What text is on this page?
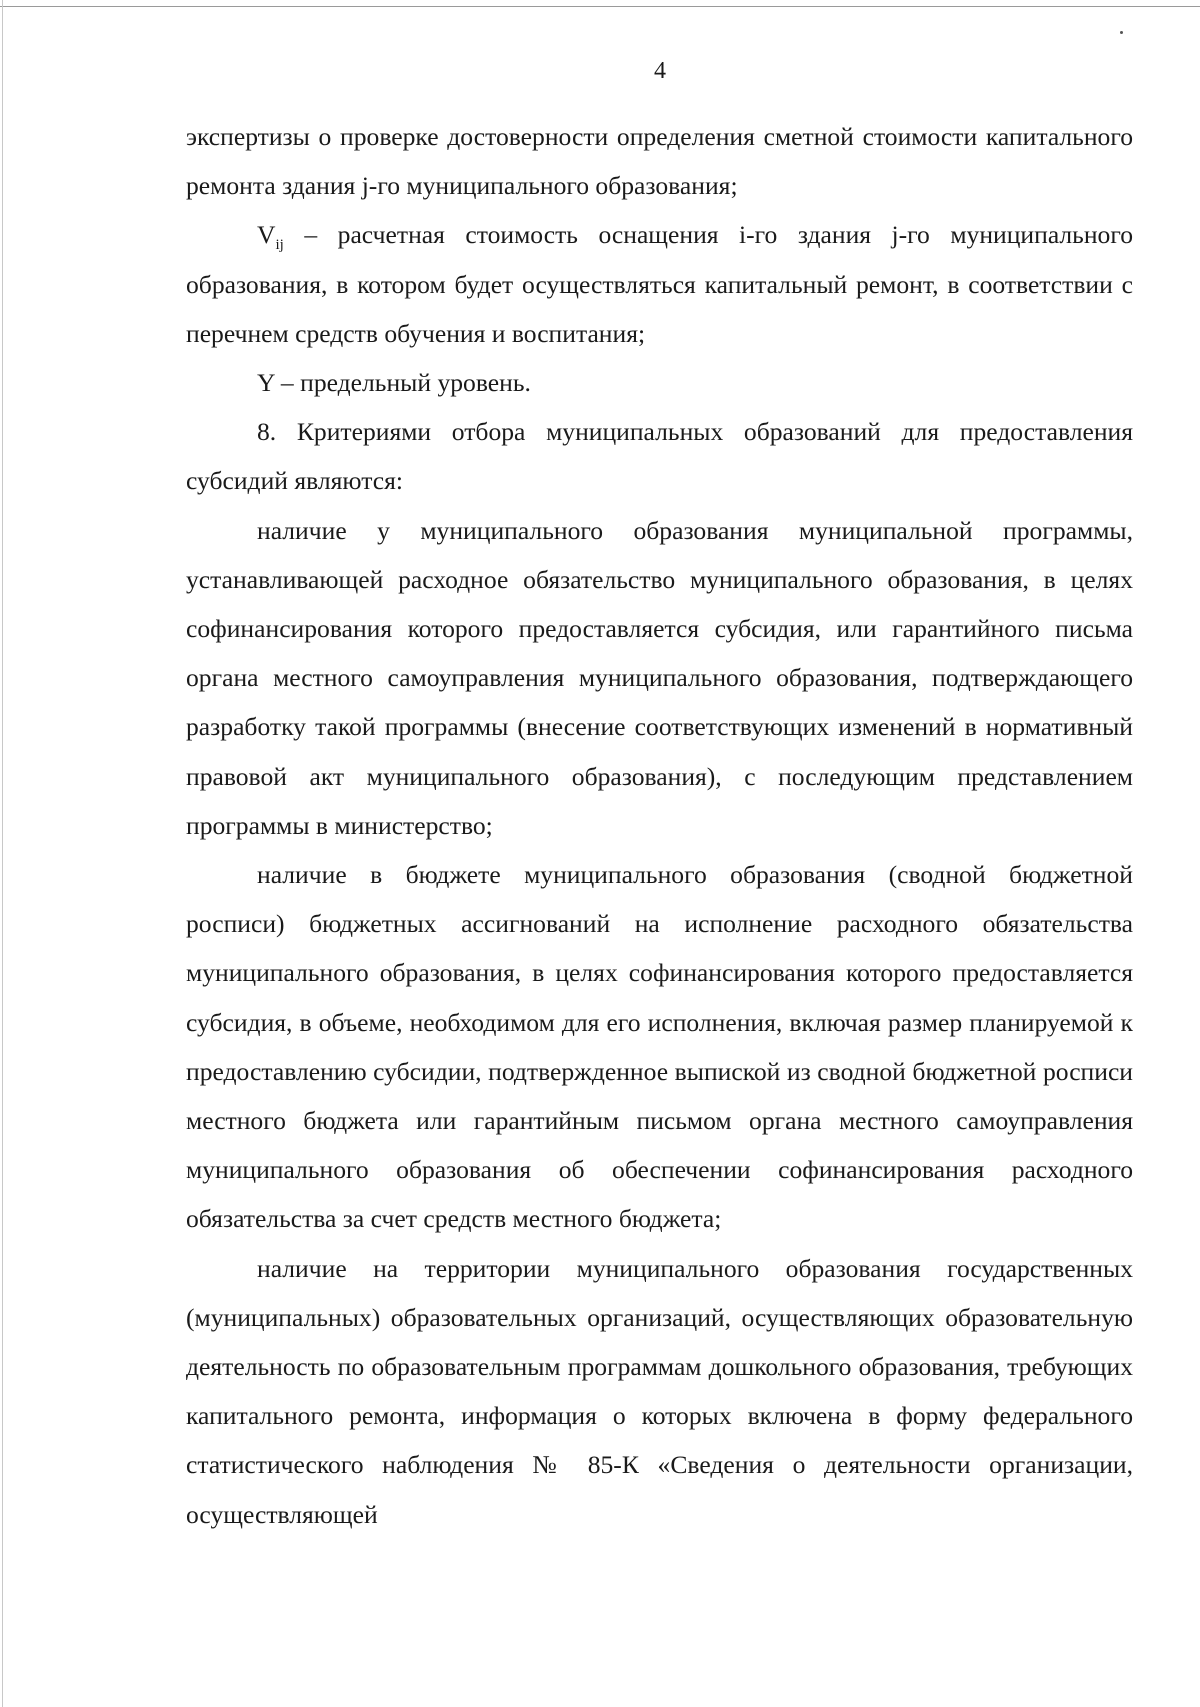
4

экспертизы о проверке достоверности определения сметной стоимости капитального ремонта здания j-го муниципального образования;

$V_{ij}$ – расчетная стоимость оснащения i-го здания j-го муниципального образования, в котором будет осуществляться капитальный ремонт, в соответствии с перечнем средств обучения и воспитания;

Y – предельный уровень.

8. Критериями отбора муниципальных образований для предоставления субсидий являются:

наличие у муниципального образования муниципальной программы, устанавливающей расходное обязательство муниципального образования, в целях софинансирования которого предоставляется субсидия, или гарантийного письма органа местного самоуправления муниципального образования, подтверждающего разработку такой программы (внесение соответствующих изменений в нормативный правовой акт муниципального образования), с последующим представлением программы в министерство;

наличие в бюджете муниципального образования (сводной бюджетной росписи) бюджетных ассигнований на исполнение расходного обязательства муниципального образования, в целях софинансирования которого предоставляется субсидия, в объеме, необходимом для его исполнения, включая размер планируемой к предоставлению субсидии, подтвержденное выпиской из сводной бюджетной росписи местного бюджета или гарантийным письмом органа местного самоуправления муниципального образования об обеспечении софинансирования расходного обязательства за счет средств местного бюджета;

наличие на территории муниципального образования государственных (муниципальных) образовательных организаций, осуществляющих образовательную деятельность по образовательным программам дошкольного образования, требующих капитального ремонта, информация о которых включена в форму федерального статистического наблюдения № 85-К «Сведения о деятельности организации, осуществляющей
